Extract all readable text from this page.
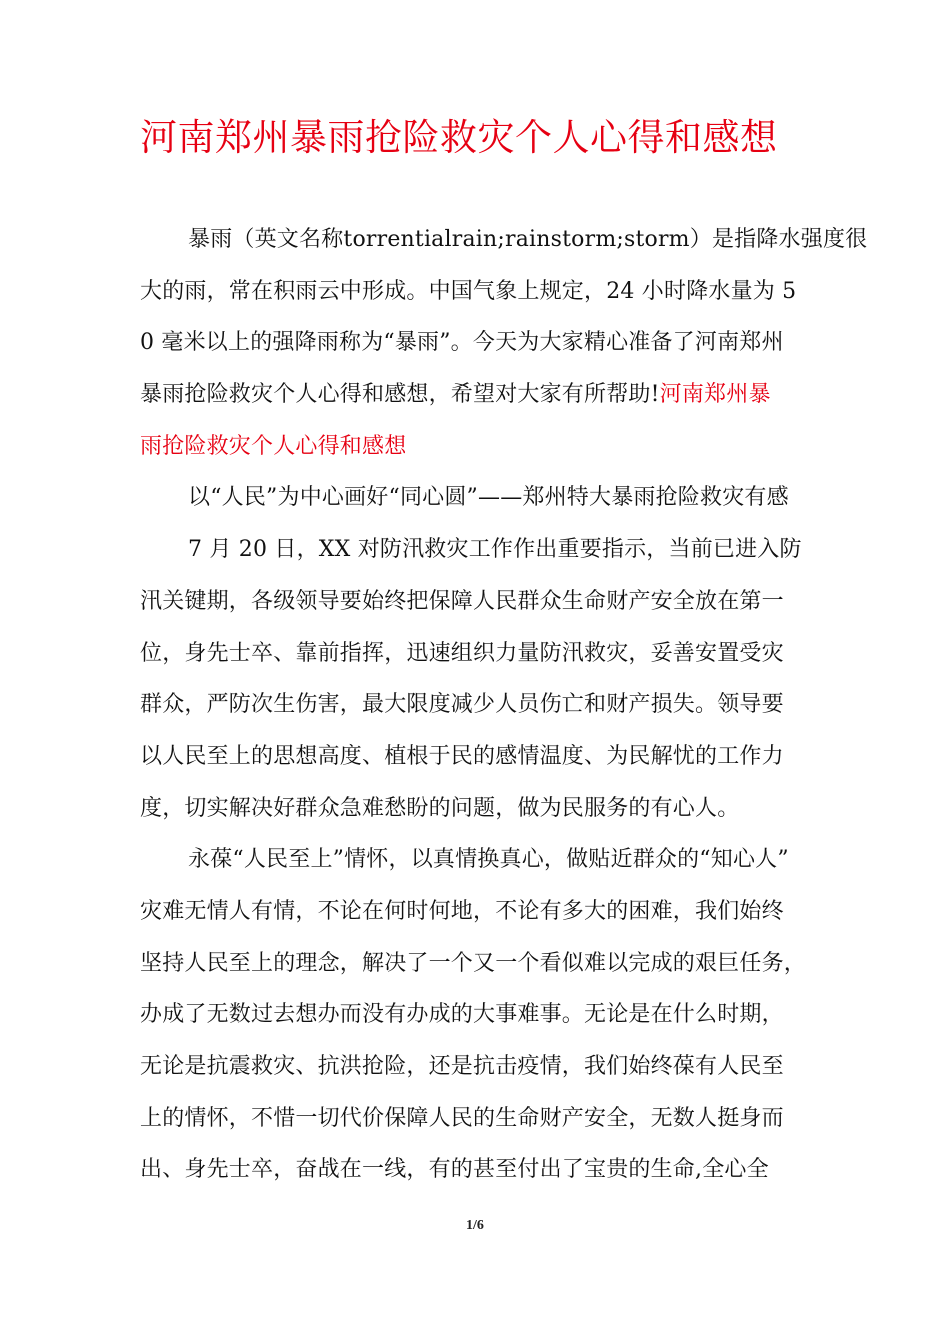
河南郑州暴雨抢险救灾个人心得和感想
暴雨（英文名称torrentialrain;rainstorm;storm）是指降水强度很
大的雨，常在积雨云中形成。中国气象上规定，24 小时降水量为 5
0 毫米以上的强降雨称为“暴雨”。今天为大家精心准备了河南郑州
暴雨抢险救灾个人心得和感想，希望对大家有所帮助!河南郑州暴
雨抢险救灾个人心得和感想
以“人民”为中心画好“同心圆”——郑州特大暴雨抢险救灾有感
7 月 20 日，XX 对防汛救灾工作作出重要指示，当前已进入防
汛关键期，各级领导要始终把保障人民群众生命财产安全放在第一
位，身先士卒、靠前指挥，迅速组织力量防汛救灾，妥善安置受灾
群众，严防次生伤害，最大限度减少人员伤亡和财产损失。领导要
以人民至上的思想高度、植根于民的感情温度、为民解忧的工作力
度，切实解决好群众急难愁盼的问题，做为民服务的有心人。
永葆“人民至上”情怀，以真情换真心，做贴近群众的“知心人”
灾难无情人有情，不论在何时何地，不论有多大的困难，我们始终
坚持人民至上的理念，解决了一个又一个看似难以完成的艰巨任务，
办成了无数过去想办而没有办成的大事难事。无论是在什么时期，
无论是抗震救灾、抗洪抢险，还是抗击疫情，我们始终葆有人民至
上的情怀，不惜一切代价保障人民的生命财产安全，无数人挺身而
出、身先士卒，奋战在一线，有的甚至付出了宝贵的生命,全心全
1/6
